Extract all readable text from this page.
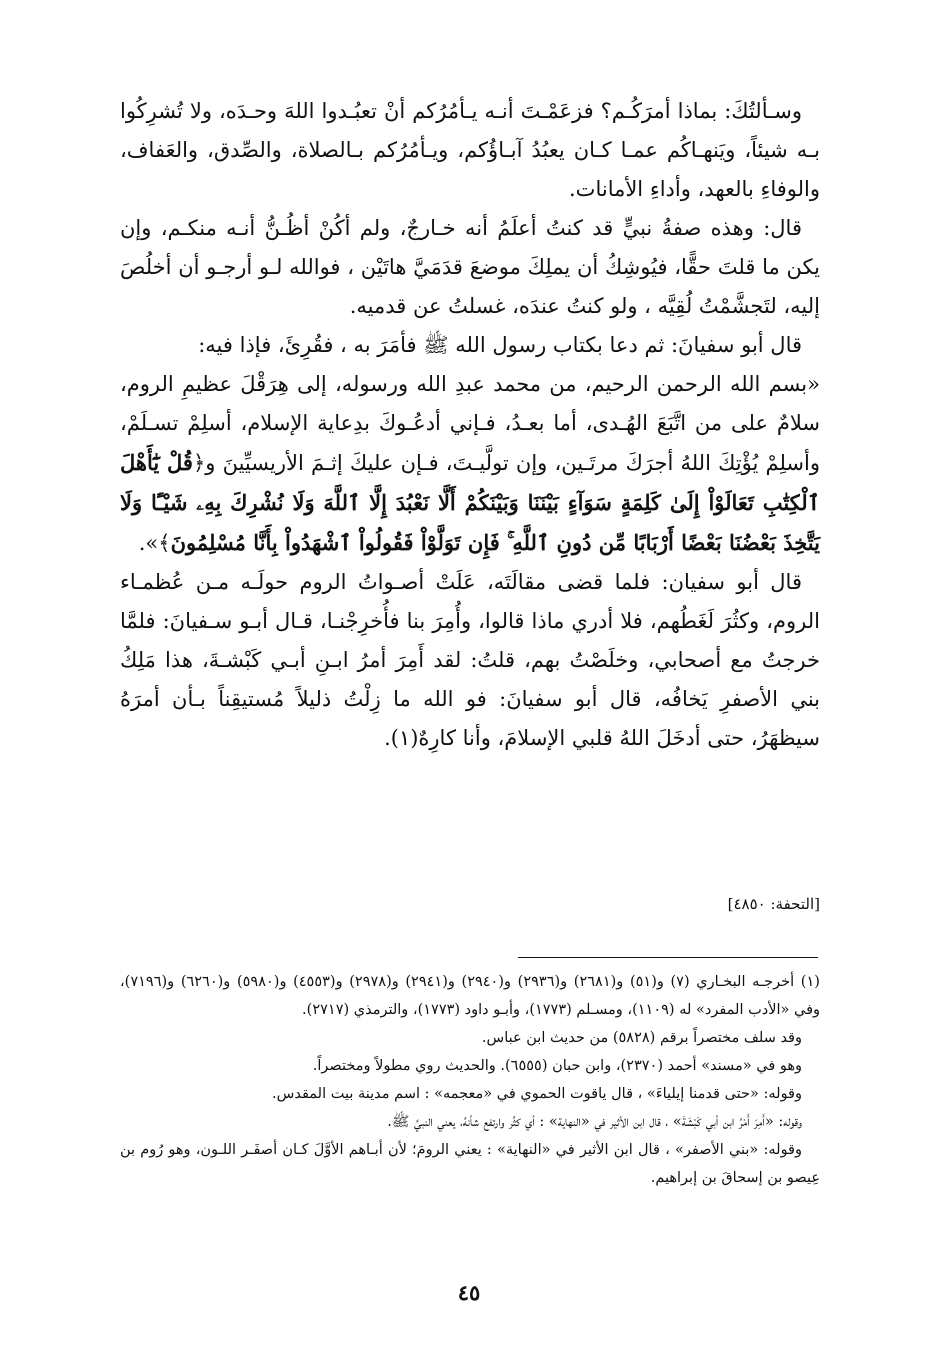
وسـألتُكَ: بماذا أمرَكُـم؟ فزعَمْـتَ أنـه يـأمُرُكم أنْ تعبُـدوا اللهَ وحـدَه، ولا تُشرِكُوا بـه شيئاً، ويَنهـاكُم عمـا كـان يعبُدُ آبـاؤُكم، ويـأمُرُكم بـالصلاة، والصِّدق، والعَفاف، والوفاءِ بالعهد، وأداءِ الأمانات.

قال: وهذه صفةُ نبيٍّ قد كنتُ أعلَمُ أنه خـارجٌ، ولم أكُنْ أظُـنُّ أنـه منكـم، وإن يكن ما قلتَ حقًّا، فيُوشِكُ أن يملِكَ موضعَ قدَمَيَّ هاتَيْن ، فوالله لـو أرجـو أن أخلُصَ إليه، لتَجشَّمْتُ لُقِيَّه ، ولو كنتُ عندَه، غسلتُ عن قدميه.

قال أبو سفيانَ: ثم دعا بكتاب رسول الله ﷺ فأمَرَ به ، فقُرِئَ، فإذا فيه:

«بسم الله الرحمن الرحيم، من محمد عبدِ الله ورسوله، إلى هِرَقْلَ عظيمِ الروم، سلامٌ على من اتَّبَعَ الهُـدى، أما بعـدُ، فـإني أدعُـوكَ بدِعاية الإسلام، أسلِمْ تسـلَمْ، وأسلِمْ يُؤْتِكَ اللهُ أجرَكَ مرتَـين، وإن تولَّيـتَ، فـإن عليكَ إثـمَ الأريسيِّينَ و﴿قُلْ يَٰٓأَهْلَ ٱلْكِتَٰبِ تَعَالَوْاْ إِلَىٰ كَلِمَةٍ سَوَآءٍ بَيْنَنَا وَبَيْنَكُمْ أَلَّا نَعْبُدَ إِلَّا ٱللَّهَ وَلَا نُشْرِكَ بِهِۦ شَيْـًٔا وَلَا يَتَّخِذَ بَعْضُنَا بَعْضًا أَرْبَابًا مِّن دُونِ ٱللَّهِ ۚ فَإِن تَوَلَّوْاْ فَقُولُواْ ٱشْهَدُواْ بِأَنَّا مُسْلِمُونَ﴾».

قال أبو سفيان: فلما قضى مقالَتَه، عَلَتْ أصـواتُ الروم حولَـه مـن عُظمـاء الروم، وكثُرَ لَغَطُهم، فلا أدري ماذا قالوا، وأُمِرَ بنا فأُخرِجْنـا، قـال أبـو سـفيانَ: فلمَّا خرجتُ مع أصحابي، وخلَصْتُ بهم، قلتُ: لقد أَمِرَ أمرُ ابـنِ أبـي كَبْشـةَ، هذا مَلِكُ بني الأصفرِ يَخافُه، قال أبو سفيانَ: فو الله ما زِلْتُ ذليلاً مُستيقِناً بـأن أمرَهُ سيظهَرُ، حتى أدخَلَ اللهُ قلبي الإسلامَ، وأنا كارِهٌ(١).

[التحفة: ٤٨٥٠]

(١) أخرجـه البخـاري (٧) و(٥١) و(٢٦٨١) و(٢٩٣٦) و(٢٩٤٠) و(٢٩٤١) و(٢٩٧٨) و(٤٥٥٣) و(٥٩٨٠) و(٦٢٦٠) و(٧١٩٦)، وفي «الأدب المفرد» له (١١٠٩)، ومسـلم (١٧٧٣)، وأبـو داود (١٧٧٣)، والترمذي (٢٧١٧).

وقد سلف مختصراً برقم (٥٨٢٨) من حديث ابن عباس.

وهو في «مسند» أحمد (٢٣٧٠)، وابن حبان (٦٥٥٥). والحديث روي مطولاً ومختصراً.

وقوله: «حتى قدمنا إيلياءَ» ، قال ياقوت الحموي في «معجمه» : اسم مدينة بيت المقدس.

وقوله: «أَمِرَ أَمْرُ ابن أبي كَبْشَةَ» ، قال ابن الأثير في «النهاية» : أي كثُر وارتفع شأنهُ، يعني النبيَّ ﷺ.

وقوله: «بني الأصفر» ، قال ابن الأثير في «النهاية» : يعني الرومَ؛ لأن أبـاهم الأوَّلَ كـان أصفَـر اللـون، وهو رُوم بن عِيصو بن إسحاقَ بن إبراهيم.

٤٥
